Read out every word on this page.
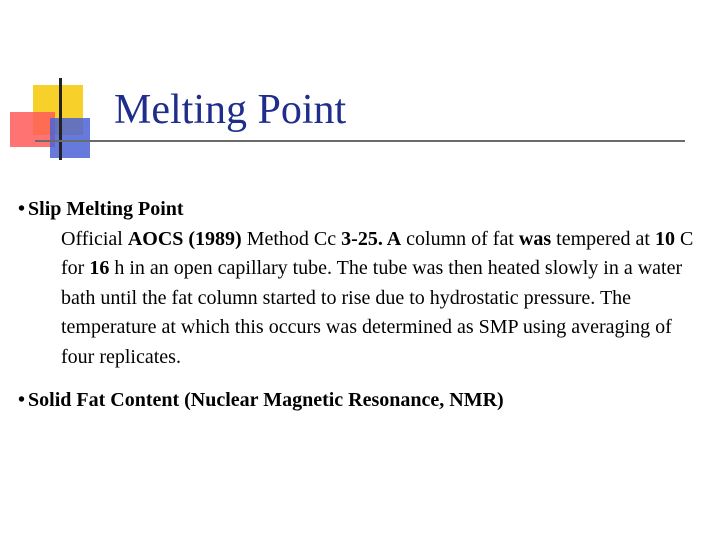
Melting Point

• Slip Melting Point

Official AOCS (1989) Method Cc 3-25. A column of fat was tempered at 10 C for 16 h in an open capillary tube. The tube was then heated slowly in a water bath until the fat column started to rise due to hydrostatic pressure. The temperature at which this occurs was determined as SMP using averaging of four replicates.

• Solid Fat Content (Nuclear Magnetic Resonance, NMR)
